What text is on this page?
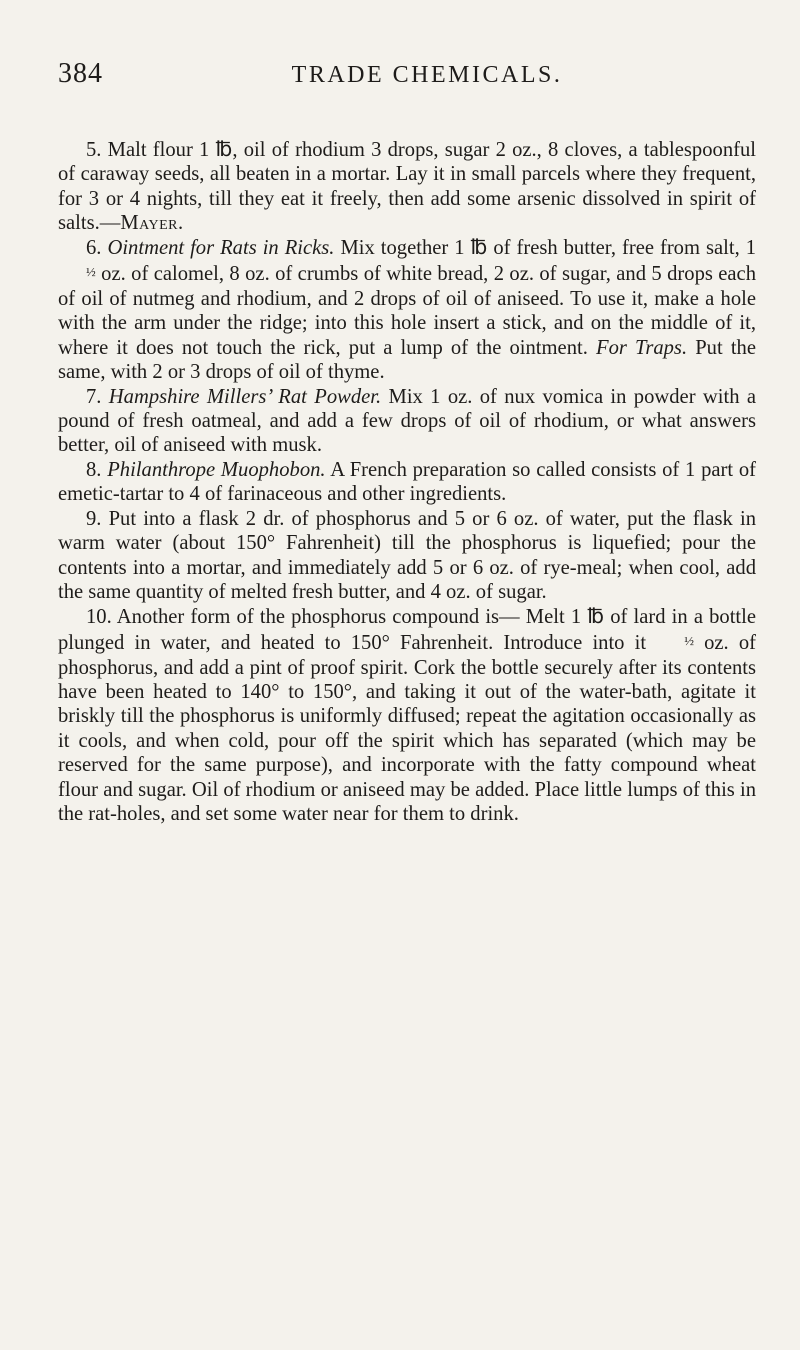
384	TRADE CHEMICALS.

5. Malt flour 1 ℔, oil of rhodium 3 drops, sugar 2 oz., 8 cloves, a tablespoonful of caraway seeds, all beaten in a mortar. Lay it in small parcels where they frequent, for 3 or 4 nights, till they eat it freely, then add some arsenic dissolved in spirit of salts.—Mayer.

6. Ointment for Rats in Ricks. Mix together 1 ℔ of fresh butter, free from salt, 1½ oz. of calomel, 8 oz. of crumbs of white bread, 2 oz. of sugar, and 5 drops each of oil of nutmeg and rhodium, and 2 drops of oil of aniseed. To use it, make a hole with the arm under the ridge; into this hole insert a stick, and on the middle of it, where it does not touch the rick, put a lump of the ointment. For Traps. Put the same, with 2 or 3 drops of oil of thyme.

7. Hampshire Millers’ Rat Powder. Mix 1 oz. of nux vomica in powder with a pound of fresh oatmeal, and add a few drops of oil of rhodium, or what answers better, oil of aniseed with musk.

8. Philanthrope Muophobon. A French preparation so called consists of 1 part of emetic-tartar to 4 of farinaceous and other ingredients.

9. Put into a flask 2 dr. of phosphorus and 5 or 6 oz. of water, put the flask in warm water (about 150° Fahrenheit) till the phosphorus is liquefied; pour the contents into a mortar, and immediately add 5 or 6 oz. of rye-meal; when cool, add the same quantity of melted fresh butter, and 4 oz. of sugar.

10. Another form of the phosphorus compound is— Melt 1 ℔ of lard in a bottle plunged in water, and heated to 150° Fahrenheit. Introduce into it ½ oz. of phosphorus, and add a pint of proof spirit. Cork the bottle securely after its contents have been heated to 140° to 150°, and taking it out of the water-bath, agitate it briskly till the phosphorus is uniformly diffused; repeat the agitation occasionally as it cools, and when cold, pour off the spirit which has separated (which may be reserved for the same purpose), and incorporate with the fatty compound wheat flour and sugar. Oil of rhodium or aniseed may be added. Place little lumps of this in the rat-holes, and set some water near for them to drink.
